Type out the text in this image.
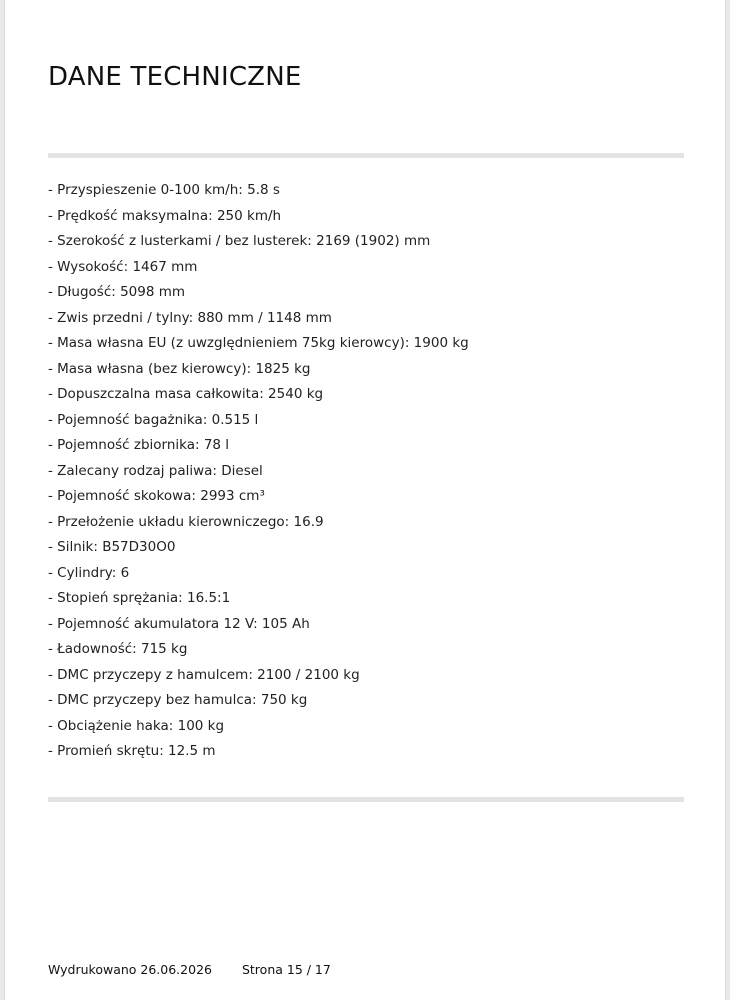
DANE TECHNICZNE
- Przyspieszenie 0-100 km/h: 5.8 s
- Prędkość maksymalna: 250 km/h
- Szerokość z lusterkami / bez lusterek: 2169 (1902) mm
- Wysokość: 1467 mm
- Długość: 5098 mm
- Zwis przedni / tylny: 880 mm / 1148 mm
- Masa własna EU (z uwzględnieniem 75kg kierowcy): 1900 kg
- Masa własna (bez kierowcy): 1825 kg
- Dopuszczalna masa całkowita: 2540 kg
- Pojemność bagażnika: 0.515 l
- Pojemność zbiornika: 78 l
- Zalecany rodzaj paliwa: Diesel
- Pojemność skokowa: 2993 cm³
- Przełożenie układu kierowniczego: 16.9
- Silnik: B57D30O0
- Cylindry: 6
- Stopień sprężania: 16.5:1
- Pojemność akumulatora 12 V: 105 Ah
- Ładowność: 715 kg
- DMC przyczepy z hamulcem: 2100 / 2100 kg
- DMC przyczepy bez hamulca: 750 kg
- Obciążenie haka: 100 kg
- Promień skrętu: 12.5 m
Wydrukowano 26.06.2026 Strona 15 / 17
